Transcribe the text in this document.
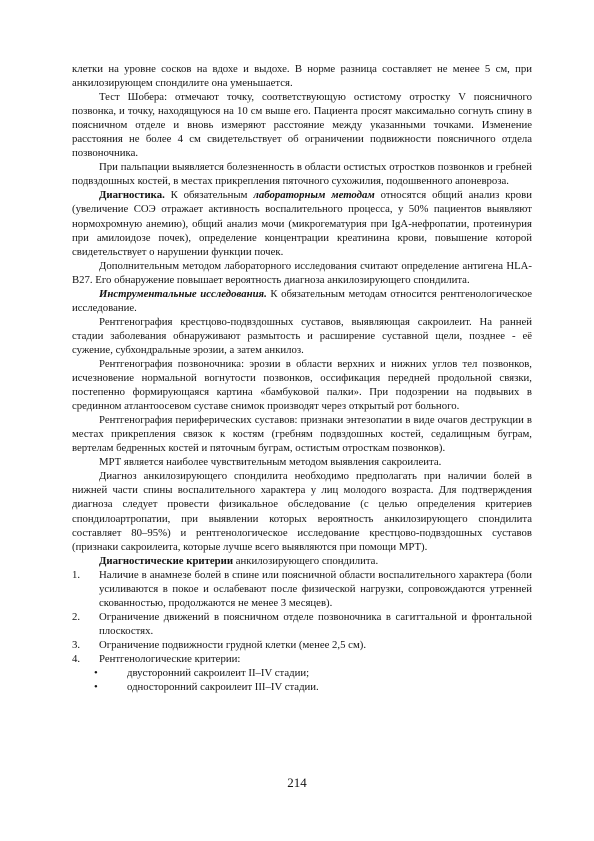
клетки на уровне сосков на вдохе и выдохе. В норме разница составляет не менее 5 см, при анкилозирующем спондилите она уменьшается.

Тест Шобера: отмечают точку, соответствующую остистому отростку V поясничного позвонка, и точку, находящуюся на 10 см выше его. Пациента просят максимально согнуть спину в поясничном отделе и вновь измеряют расстояние между указанными точками. Изменение расстояния не более 4 см свидетельствует об ограничении подвижности поясничного отдела позвоночника.

При пальпации выявляется болезненность в области остистых отростков позвонков и гребней подвздошных костей, в местах прикрепления пяточного сухожилия, подошвенного апоневроза.

Диагностика. К обязательным лабораторным методам относятся общий анализ крови (увеличение СОЭ отражает активность воспалительного процесса, у 50% пациентов выявляют нормохромную анемию), общий анализ мочи (микрогематурия при IgA-нефропатии, протеинурия при амилоидозе почек), определение концентрации креатинина крови, повышение которой свидетельствует о нарушении функции почек.

Дополнительным методом лабораторного исследования считают определение антигена HLA-B27. Его обнаружение повышает вероятность диагноза анкилозирующего спондилита.

Инструментальные исследования. К обязательным методам относится рентгенологическое исследование.

Рентгенография крестцово-подвздошных суставов, выявляющая сакроилеит. На ранней стадии заболевания обнаруживают размытость и расширение суставной щели, позднее - её сужение, субхондральные эрозии, а затем анкилоз.

Рентгенография позвоночника: эрозии в области верхних и нижних углов тел позвонков, исчезновение нормальной вогнутости позвонков, оссификация передней продольной связки, постепенно формирующаяся картина «бамбуковой палки». При подозрении на подвывих в срединном атлантоосевом суставе снимок производят через открытый рот больного.

Рентгенография периферических суставов: признаки энтезопатии в виде очагов деструкции в местах прикрепления связок к костям (гребням подвздошных костей, седалищным буграм, вертелам бедренных костей и пяточным буграм, остистым отросткам позвонков).

МРТ является наиболее чувствительным методом выявления сакроилеита.

Диагноз анкилозирующего спондилита необходимо предполагать при наличии болей в нижней части спины воспалительного характера у лиц молодого возраста. Для подтверждения диагноза следует провести физикальное обследование (с целью определения критериев спондилоартропатии, при выявлении которых вероятность анкилозирующего спондилита составляет 80–95%) и рентгенологическое исследование крестцово-подвздошных суставов (признаки сакроилеита, которые лучше всего выявляются при помощи МРТ).

Диагностические критерии анкилозирующего спондилита.

1.	Наличие в анамнезе болей в спине или поясничной области воспалительного характера (боли усиливаются в покое и ослабевают после физической нагрузки, сопровождаются утренней скованностью, продолжаются не менее 3 месяцев).
2.	Ограничение движений в поясничном отделе позвоночника в сагиттальной и фронтальной плоскостях.
3.	Ограничение подвижности грудной клетки (менее 2,5 см).
4.	Рентгенологические критерии:
•	двусторонний сакроилеит II–IV стадии;
•	односторонний сакроилеит III–IV стадии.
214
